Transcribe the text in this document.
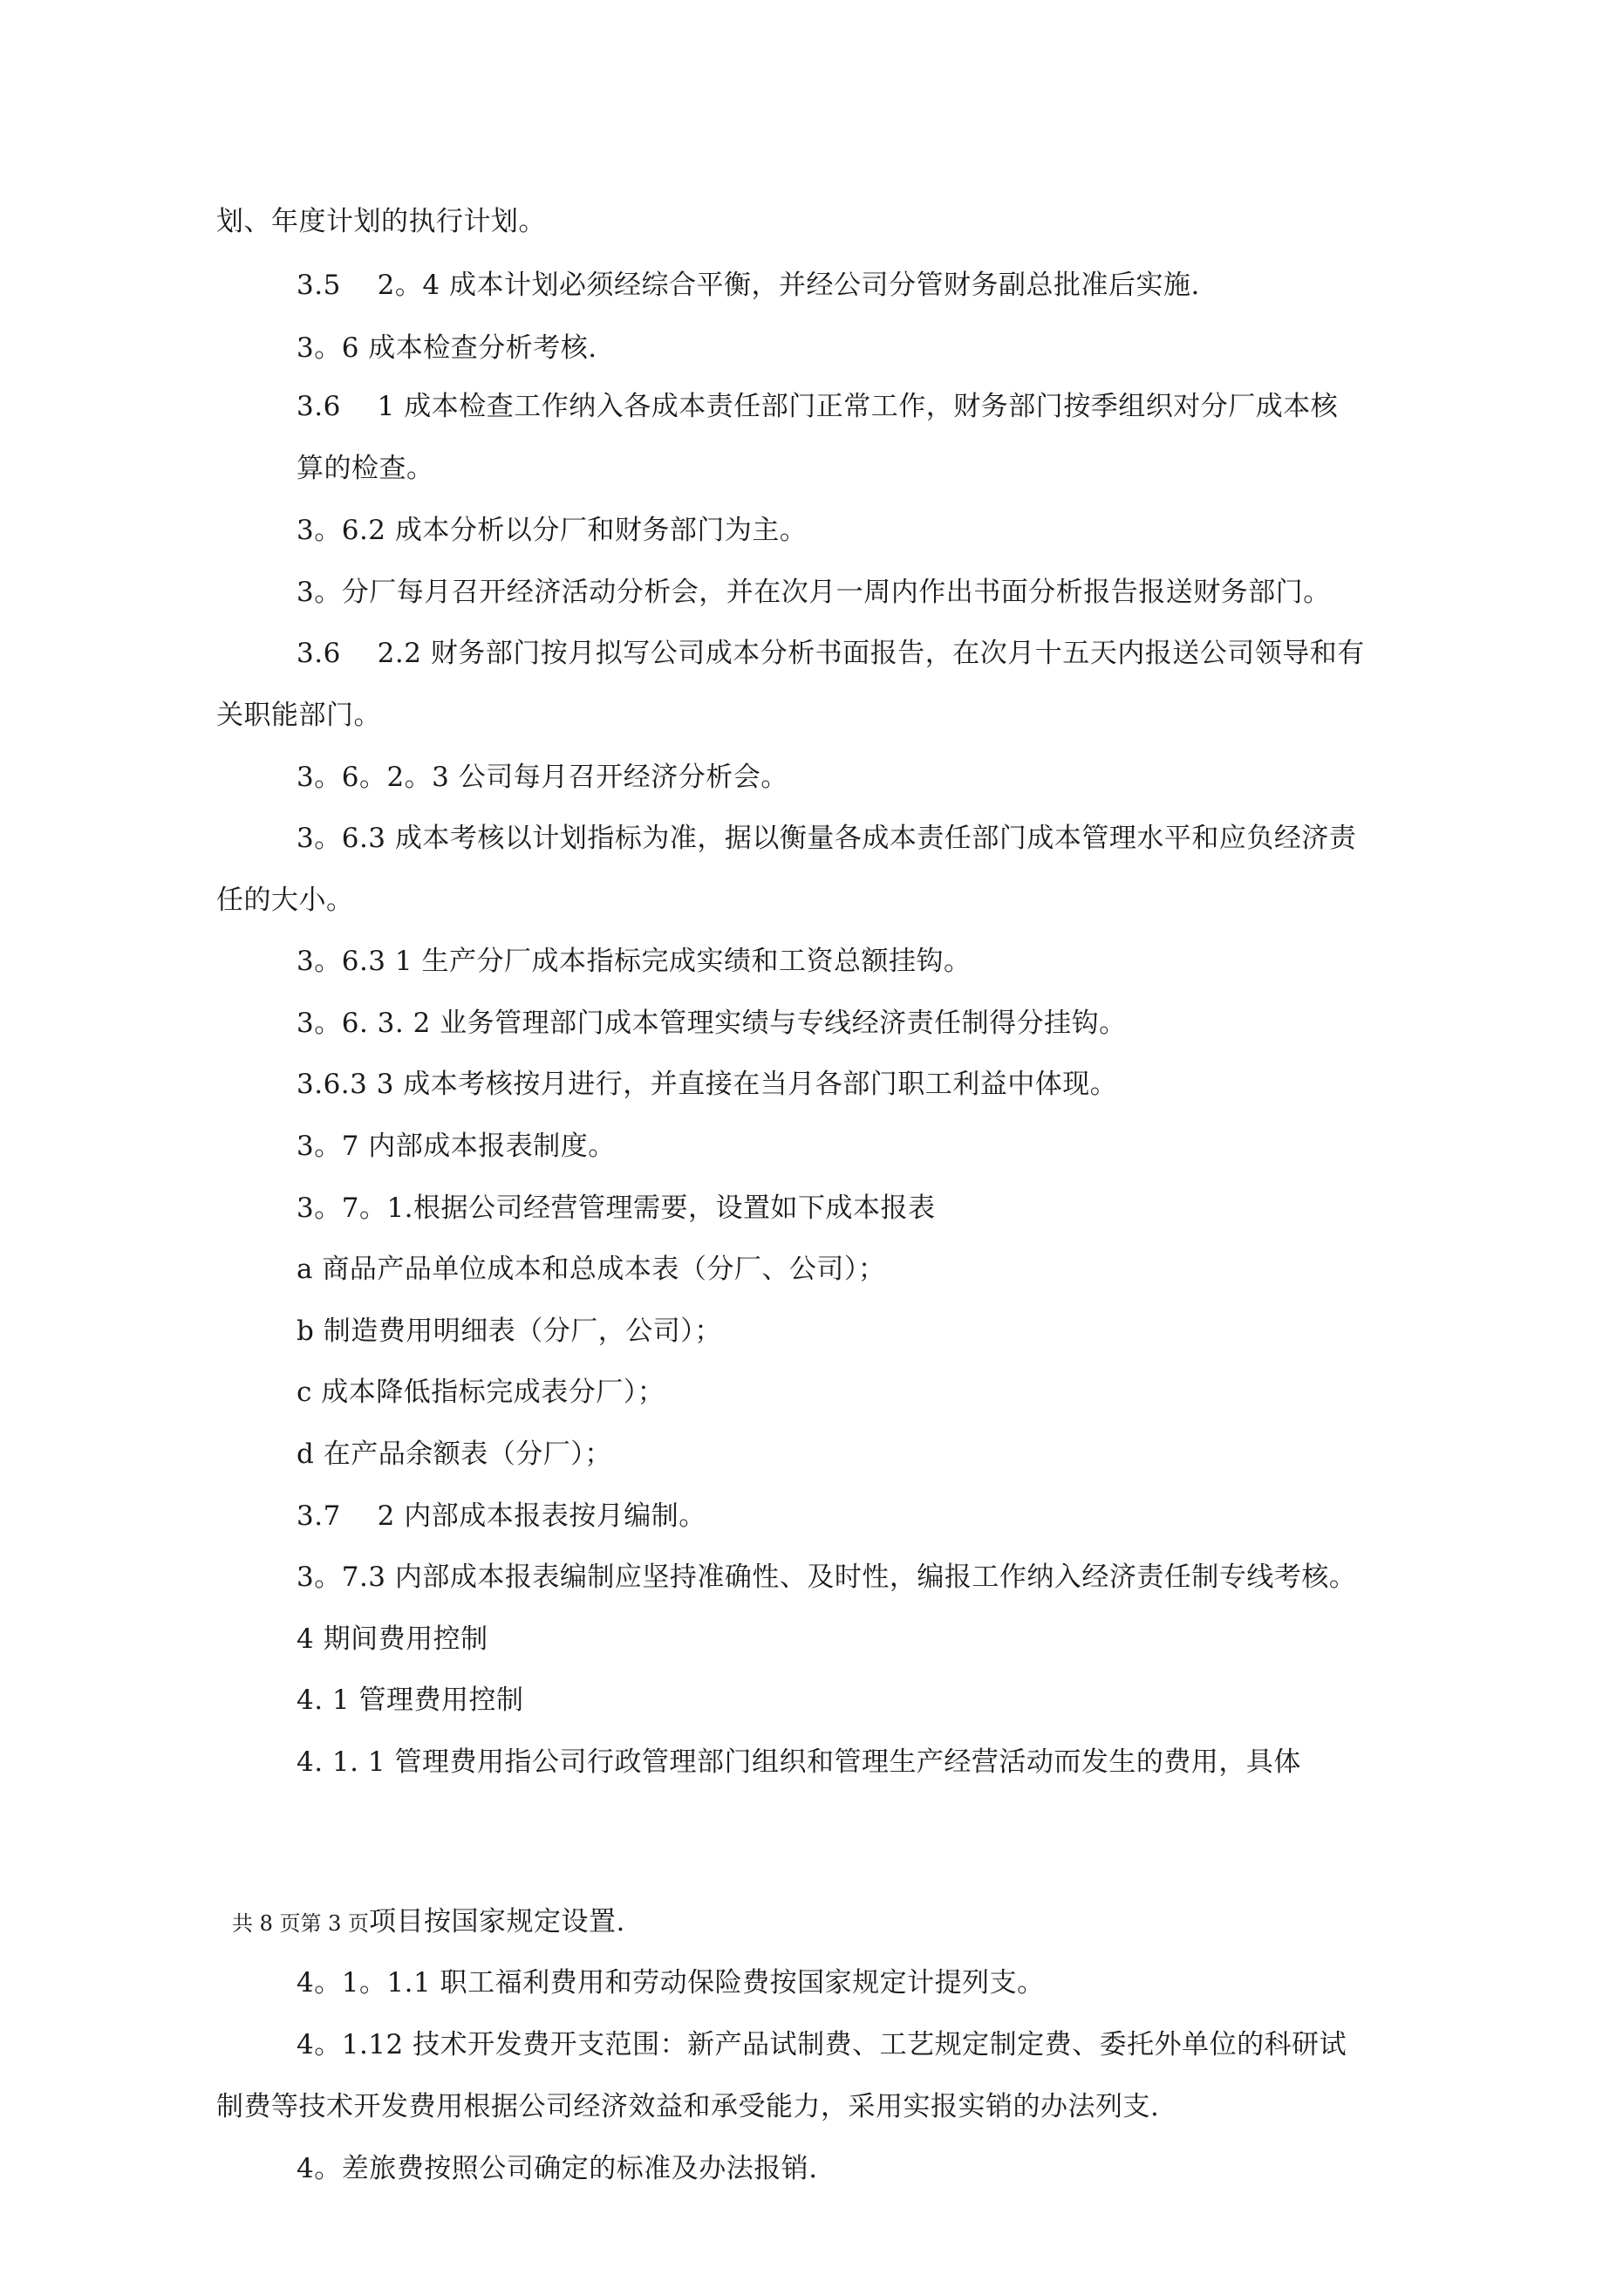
划、年度计划的执行计划。
3.5　 2。4 成本计划必须经综合平衡，并经公司分管财务副总批准后实施.
3。6 成本检查分析考核.
3.6　 1 成本检查工作纳入各成本责任部门正常工作，财务部门按季组织对分厂成本核
算的检查。
3。6.2 成本分析以分厂和财务部门为主。
3。分厂每月召开经济活动分析会，并在次月一周内作出书面分析报告报送财务部门。
3.6　 2.2 财务部门按月拟写公司成本分析书面报告，在次月十五天内报送公司领导和有
关职能部门。
3。6。2。3 公司每月召开经济分析会。
3。6.3 成本考核以计划指标为准，据以衡量各成本责任部门成本管理水平和应负经济责
任的大小。
3。6.3 1 生产分厂成本指标完成实绩和工资总额挂钩。
3。6. 3. 2 业务管理部门成本管理实绩与专线经济责任制得分挂钩。
3.6.3 3 成本考核按月进行，并直接在当月各部门职工利益中体现。
3。7 内部成本报表制度。
3。7。1.根据公司经营管理需要，设置如下成本报表
a 商品产品单位成本和总成本表（分厂、公司）；
b 制造费用明细表（分厂，公司）；
c 成本降低指标完成表分厂）；
d 在产品余额表（分厂）；
3.7　 2 内部成本报表按月编制。
3。7.3 内部成本报表编制应坚持准确性、及时性，编报工作纳入经济责任制专线考核。
4 期间费用控制
4. 1 管理费用控制
4. 1. 1 管理费用指公司行政管理部门组织和管理生产经营活动而发生的费用，具体
共 8 页第 3 页项目按国家规定设置.
4。1。1.1 职工福利费用和劳动保险费按国家规定计提列支。
4。1.12 技术开发费开支范围：新产品试制费、工艺规定制定费、委托外单位的科研试
制费等技术开发费用根据公司经济效益和承受能力，采用实报实销的办法列支.
4。差旅费按照公司确定的标准及办法报销.
